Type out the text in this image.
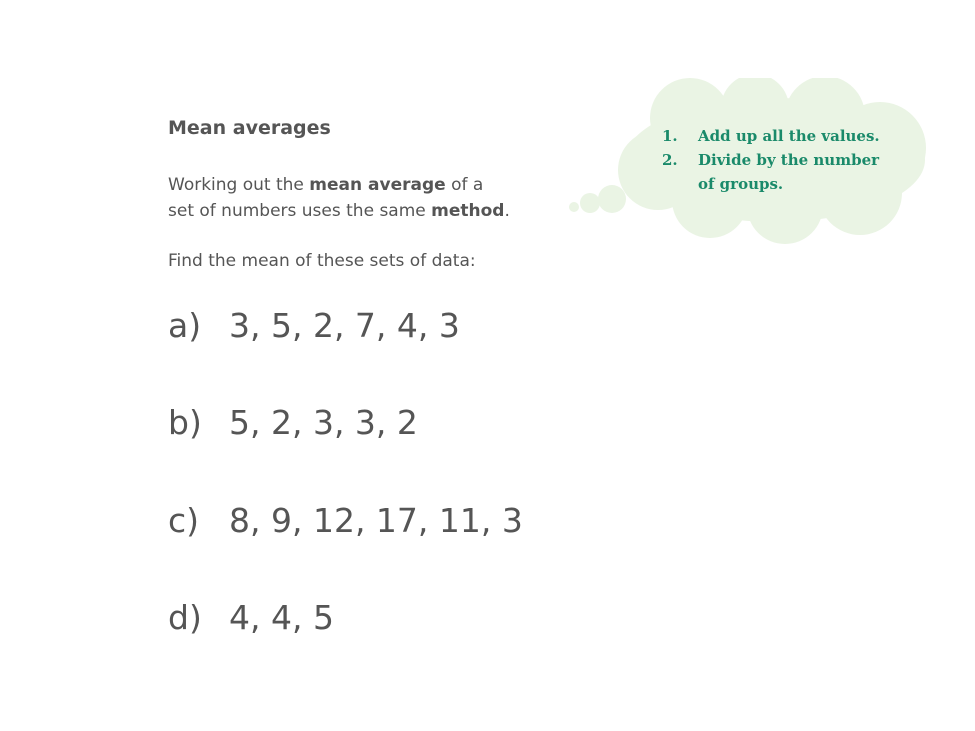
Mean averages

Working out the mean average of a
set of numbers uses the same method.

Find the mean of these sets of data:

a) 3, 5, 2, 7, 4, 3
b) 5, 2, 3, 3, 2
c) 8, 9, 12, 17, 11, 3
d) 4, 4, 5
1.	Add up all the values.
2.	Divide by the number of groups.
